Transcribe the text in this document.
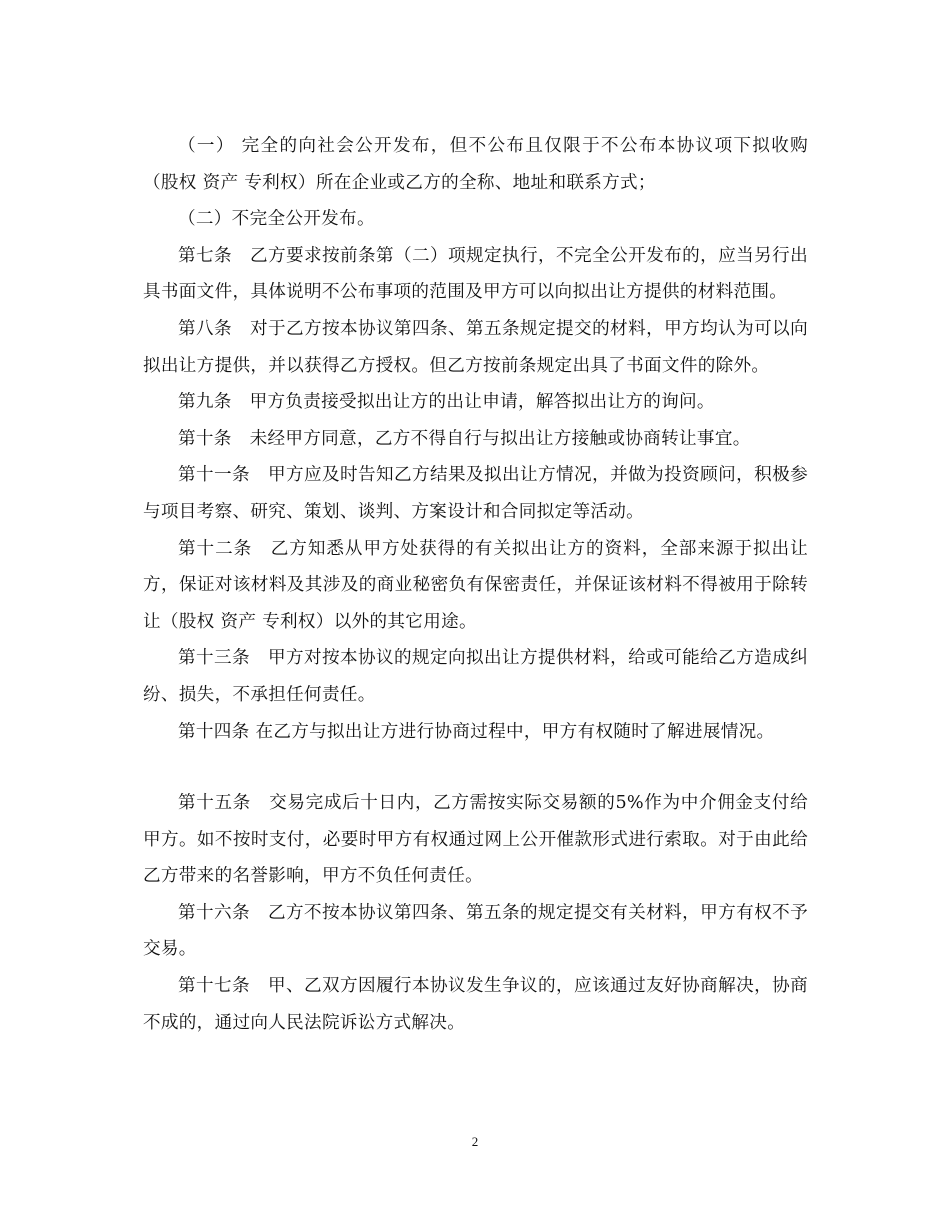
（一） 完全的向社会公开发布，但不公布且仅限于不公布本协议项下拟收购（股权 资产 专利权）所在企业或乙方的全称、地址和联系方式；

（二）不完全公开发布。

第七条　乙方要求按前条第（二）项规定执行，不完全公开发布的，应当另行出具书面文件，具体说明不公布事项的范围及甲方可以向拟出让方提供的材料范围。

第八条　对于乙方按本协议第四条、第五条规定提交的材料，甲方均认为可以向拟出让方提供，并以获得乙方授权。但乙方按前条规定出具了书面文件的除外。

第九条　甲方负责接受拟出让方的出让申请，解答拟出让方的询问。

第十条　未经甲方同意，乙方不得自行与拟出让方接触或协商转让事宜。

第十一条　甲方应及时告知乙方结果及拟出让方情况，并做为投资顾问，积极参与项目考察、研究、策划、谈判、方案设计和合同拟定等活动。

第十二条　乙方知悉从甲方处获得的有关拟出让方的资料，全部来源于拟出让方，保证对该材料及其涉及的商业秘密负有保密责任，并保证该材料不得被用于除转让（股权 资产 专利权）以外的其它用途。

第十三条　甲方对按本协议的规定向拟出让方提供材料，给或可能给乙方造成纠纷、损失，不承担任何责任。

第十四条 在乙方与拟出让方进行协商过程中，甲方有权随时了解进展情况。

第十五条　交易完成后十日内，乙方需按实际交易额的5%作为中介佣金支付给甲方。如不按时支付，必要时甲方有权通过网上公开催款形式进行索取。对于由此给乙方带来的名誉影响，甲方不负任何责任。

第十六条　乙方不按本协议第四条、第五条的规定提交有关材料，甲方有权不予交易。

第十七条　甲、乙双方因履行本协议发生争议的，应该通过友好协商解决，协商不成的，通过向人民法院诉讼方式解决。

2
